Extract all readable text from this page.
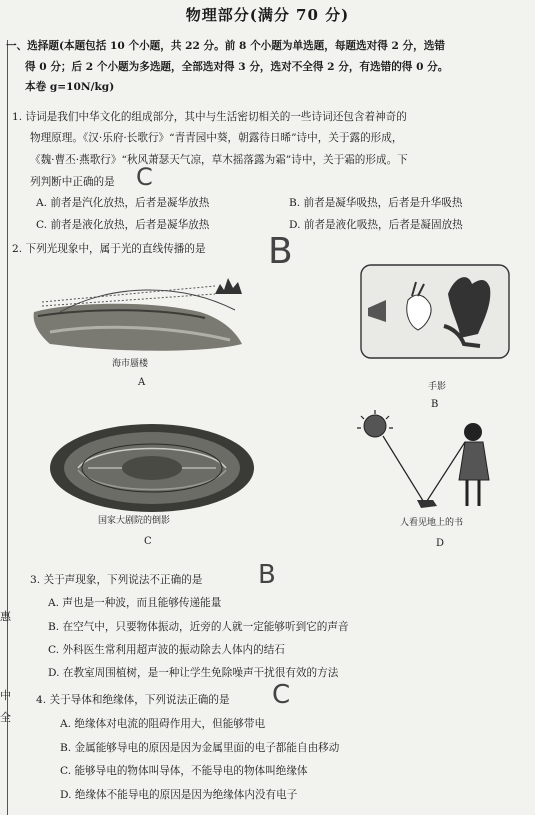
惠
中
全
物理部分(满分 70 分)
一、选择题(本题包括 10 个小题，共 22 分。前 8 个小题为单选题，每题选对得 2 分，选错
得 0 分；后 2 个小题为多选题，全部选对得 3 分，选对不全得 2 分，有选错的得 0 分。
本卷 g=10N/kg)
1. 诗词是我们中华文化的组成部分，其中与生活密切相关的一些诗词还包含着神奇的
物理原理。《汉·乐府·长歌行》“青青园中葵，朝露待日晞”诗中，关于露的形成，
《魏·曹丕·燕歌行》“秋风萧瑟天气凉，草木摇落露为霜”诗中，关于霜的形成。下
列判断中正确的是 C
A. 前者是汽化放热，后者是凝华放热	B. 前者是凝华吸热，后者是升华吸热
C. 前者是液化放热，后者是凝华放热	D. 前者是液化吸热，后者是凝固放热
2. 下列光现象中，属于光的直线传播的是 B
海市蜃楼
A	手影
B
国家大剧院的倒影
C
人看见地上的书
D
3. 关于声现象，下列说法不正确的是 B
A. 声也是一种波，而且能够传递能量
B. 在空气中，只要物体振动，近旁的人就一定能够听到它的声音
C. 外科医生常利用超声波的振动除去人体内的结石
D. 在教室周围植树，是一种让学生免除噪声干扰很有效的方法
4. 关于导体和绝缘体，下列说法正确的是 C
A. 绝缘体对电流的阻碍作用大，但能够带电
B. 金属能够导电的原因是因为金属里面的电子都能自由移动
C. 能够导电的物体叫导体，不能导电的物体叫绝缘体
D. 绝缘体不能导电的原因是因为绝缘体内没有电子
